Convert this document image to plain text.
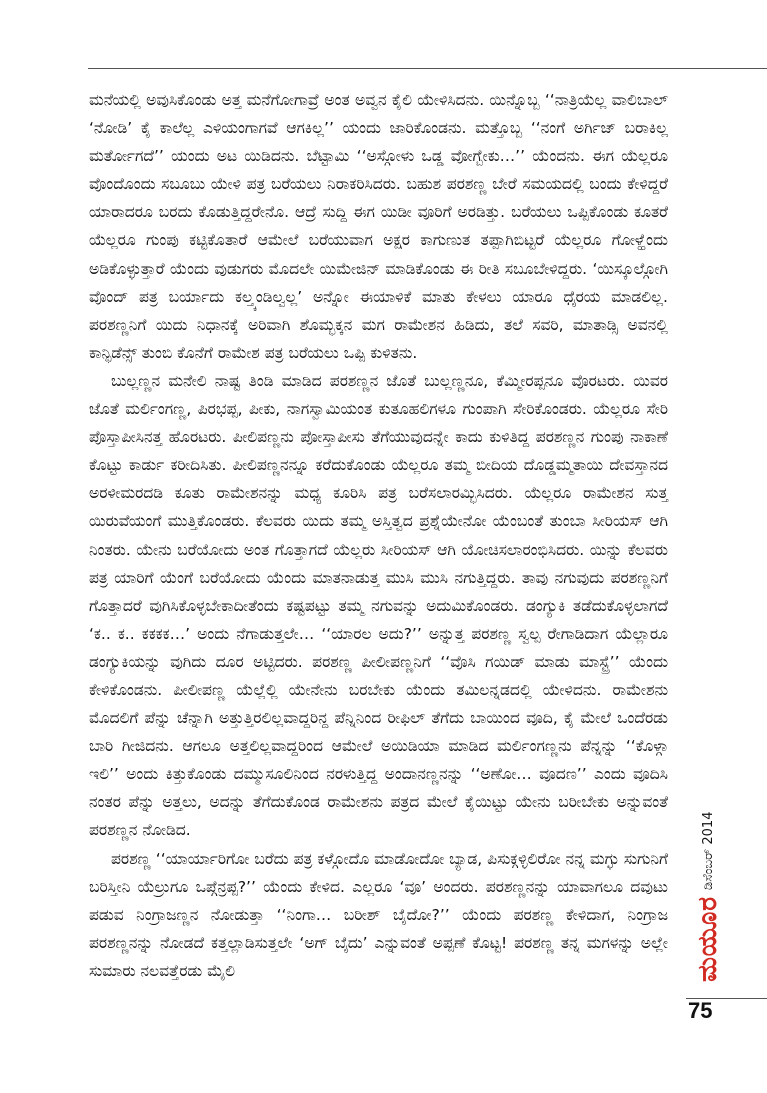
ಮನೆಯಲ್ಲಿ ಅವುಸಿಕೊಂಡು ಅತ್ತ ಮನೆಗೋಗಾವ್ರೆ ಅಂತ ಅವ್ವನ ಕೈಲಿ ಯೇಳಿಸಿದನು. ಯಿನ್ನೊಬ್ಬ ‘‘ನಾತ್ರಿಯೆಲ್ಲ ವಾಲಿಬಾಲ್ ‘ನೋಡಿ’ ಕೈ ಕಾಲೆಲ್ಲ ಎಳಿಯಂಗಾಗವೆ ಆಗಕಿಲ್ಲ’’ ಯಂದು ಜಾರಿಕೊಂಡನು. ಮತ್ತೊಬ್ಬ ‘‘ನಂಗೆ ಅರ್ಗಿಜ್ ಬರಾಕಿಲ್ಲ ಮರ್ತೋಗದೆ’’ ಯಂದು ಅಟ ಯಿಡಿದನು. ಬೆಟ್ಟಾಮಿ ‘‘ಅಸ್ಗೋಳು ಒಡ್ಡ ವೋಗ್ಬೇಕು…’’ ಯೆಂದನು. ಈಗ ಯೆಲ್ಲರೂ ವೊಂದೊಂದು ಸಬೂಬು ಯೇಳಿ ಪತ್ರ ಬರೆಯಲು ನಿರಾಕರಿಸಿದರು. ಬಹುಶ ಪರಶಣ್ಣ ಬೇರೆ ಸಮಯದಲ್ಲಿ ಬಂದು ಕೇಳಿದ್ದರೆ ಯಾರಾದರೂ ಬರದು ಕೊಡುತ್ತಿದ್ದರೇನೊ. ಆದ್ರೆ ಸುದ್ದಿ ಈಗ ಯಿಡೀ ವೂರಿಗೆ ಅರಡಿತ್ತು. ಬರೆಯಲು ಒಪ್ಪಿಕೊಂಡು ಕೂತರೆ ಯೆಲ್ಲರೂ ಗುಂಪು ಕಟ್ಟಿಕೊತಾರೆ ಆಮೇಲೆ ಬರೆಯುವಾಗ ಅಕ್ಷರ ಕಾಗುಣುತ ತಪ್ಪಾಗಿಬಿಟ್ಟರೆ ಯೆಲ್ಲರೂ ಗೋಳ್ಹೆಂದು ಅಡಿಕೊಳ್ಳುತ್ತಾರೆ ಯೆಂದು ವುಡುಗರು ಮೊದಲೇ ಯಿಮೇಜಿನ್ ಮಾಡಿಕೊಂಡು ಈ ರೀತಿ ಸಬೂಬೇಳಿದ್ದರು. ‘ಯಿಸ್ಕೂಲ್ಗೋಗಿ ವೊಂದ್ ಪತ್ರ ಬರ್ಯಾದು ಕಲ್ತ್ಕಂಡಿಲ್ವಲ್ಲ’ ಅನ್ನೋ ಈಯಾಳಿಕೆ ಮಾತು ಕೇಳಲು ಯಾರೂ ಧೈರಯ ಮಾಡಲಿಲ್ಲ. ಪರಶಣ್ಣನಿಗೆ ಯಿದು ನಿಧಾನಕ್ಕೆ ಅರಿವಾಗಿ ಶೊಮ್ಭಕ್ಕನ ಮಗ ರಾಮೇಶನ ಹಿಡಿದು, ತಲೆ ಸವರಿ, ಮಾತಾಡ್ಸಿ ಅವನಲ್ಲಿ ಕಾನ್ಫಿಡೆನ್ಸ್ ತುಂಬಿ ಕೊನೆಗೆ ರಾಮೇಶ ಪತ್ರ ಬರೆಯಲು ಒಪ್ಪಿ ಕುಳಿತನು.

ಬುಲ್ಲಣ್ಣನ ಮನೇಲಿ ನಾಷ್ಟ ತಿಂಡಿ ಮಾಡಿದ ಪರಶಣ್ಣನ ಜೊತೆ ಬುಲ್ಲಣ್ಣನೂ, ಕೆಮ್ಮೀರಪ್ಪನೂ ವೊರಟರು. ಯಿವರ ಜೊತೆ ಮರ್ಲಿಂಗಣ್ಣ, ಪಿರಭಪ್ಪ, ಪೀಕು, ನಾಗಸ್ವಾಮಿಯಂತ ಕುತೂಹಲಿಗಳೂ ಗುಂಪಾಗಿ ಸೇರಿಕೊಂಡರು. ಯೆಲ್ಲರೂ ಸೇರಿ ಪೊಸ್ತಾಪೀಸಿನತ್ತ ಹೊರಟರು. ಪೀಲಿಪಣ್ಣನು ಪೋಸ್ತಾಪೀಸು ತೆಗೆಯುವುದನ್ನೇ ಕಾದು ಕುಳಿತಿದ್ದ ಪರಶಣ್ಣನ ಗುಂಪು ನಾಕಾಣೆ ಕೊಟ್ಟು ಕಾರ್ಡು ಕರೀದಿಸಿತು. ಪೀಲಿಪಣ್ಣನನ್ನೂ ಕರೆದುಕೊಂಡು ಯೆಲ್ಲರೂ ತಮ್ಮ ಬೀದಿಯ ದೊಡ್ಡಮ್ಮತಾಯಿ ದೇವಸ್ತಾನದ ಅರಳೀಮರದಡಿ ಕೂತು ರಾಮೇಶನನ್ನು ಮಧ್ಯ ಕೂರಿಸಿ ಪತ್ರ ಬರೆಸಲಾರಮ್ಭಿಸಿದರು. ಯೆಲ್ಲರೂ ರಾಮೇಶನ ಸುತ್ತ ಯಿರುವೆಯಂಗೆ ಮುತ್ತಿಕೊಂಡರು. ಕೆಲವರು ಯಿದು ತಮ್ಮ ಅಸ್ತಿತ್ವದ ಪ್ರಶ್ನೆಯೇನೋ ಯೆಂಬಂತೆ ತುಂಬಾ ಸೀರಿಯಸ್ ಆಗಿ ನಿಂತರು. ಯೇನು ಬರೆಯೋದು ಅಂತ ಗೊತ್ತಾಗದೆ ಯೆಲ್ಲರು ಸೀರಿಯಸ್ ಆಗಿ ಯೋಚಿಸಲಾರಂಭಿಸಿದರು. ಯಿನ್ನು ಕೆಲವರು ಪತ್ರ ಯಾರಿಗೆ ಯೆಂಗೆ ಬರೆಯೋದು ಯೆಂದು ಮಾತನಾಡುತ್ತ ಮುಸಿ ಮುಸಿ ನಗುತ್ತಿದ್ದರು. ತಾವು ನಗುವುದು ಪರಶಣ್ಣನಿಗೆ ಗೊತ್ತಾದರೆ ವುಗಿಸಿಕೊಳ್ಳಬೇಕಾದೀತೆಂದು ಕಷ್ಟಪಟ್ಟು ತಮ್ಮ ನಗುವನ್ನು ಅದುಮಿಕೊಂಡರು. ಡಂಗ್ಯುಕಿ ತಡೆದುಕೊಳ್ಳಲಾಗದೆ ‘ಕ.. ಕ.. ಕಕಕಕ…’ ಅಂದು ನೆಗಾಡುತ್ತಲೇ… ‘‘ಯಾರಲ ಅದು?’’ ಅನ್ನುತ್ತ ಪರಶಣ್ಣ ಸ್ವಲ್ಪ ರೇಗಾಡಿದಾಗ ಯೆಲ್ಲಾರೂ ಡಂಗ್ಯುಕಿಯನ್ನು ವುಗಿದು ದೂರ ಅಟ್ಟಿದರು. ಪರಶಣ್ಣ ಪೀಲೀಪಣ್ಣನಿಗೆ ‘‘ವೊಸಿ ಗಯಿಡ್ ಮಾಡು ಮಾಸ್ಟ್ರೆ’’ ಯೆಂದು ಕೇಳಿಕೊಂಡನು. ಪೀಲೀಪಣ್ಣ ಯೆಲ್ಲೆಲ್ಲಿ ಯೇನೇನು ಬರಬೇಕು ಯೆಂದು ತಮಿಲನ್ನಡದಲ್ಲಿ ಯೇಳಿದನು. ರಾಮೇಶನು ಮೊದಲಿಗೆ ಪೆನ್ನು ಚೆನ್ನಾಗಿ ಅತ್ತುತ್ತಿರಲಿಲ್ಲವಾದ್ದರಿನ್ದ ಪೆನ್ನಿನಿಂದ ರೀಫಿಲ್ ತೆಗೆದು ಬಾಯಿಂದ ವೂದಿ, ಕೈ ಮೇಲೆ ಒಂದೆರಡು ಬಾರಿ ಗೀಜಿದನು. ಆಗಲೂ ಅತ್ತಲಿಲ್ಲವಾದ್ದರಿಂದ ಆಮೇಲೆ ಅಯಿಡಿಯಾ ಮಾಡಿದ ಮರ್ಲಿಂಗಣ್ಣನು ಪೆನ್ನನ್ನು ‘‘ಕೊಳ್ಗಾ ಇಲಿ’’ ಅಂದು ಕಿತ್ತುಕೊಂಡು ದಮ್ಮುಸೂಲಿನಿಂದ ನರಳುತ್ತಿದ್ದ ಅಂದಾನಣ್ಣನನ್ನು ‘‘ಅಣೋ… ವೂದಣ’’ ಎಂದು ವೂದಿಸಿ ನಂತರ ಪೆನ್ನು ಅತ್ತಲು, ಅದನ್ನು ತೆಗೆದುಕೊಂಡ ರಾಮೇಶನು ಪತ್ರದ ಮೇಲೆ ಕೈಯಿಟ್ಟು ಯೇನು ಬರೀಬೇಕು ಅನ್ನುವಂತೆ ಪರಶಣ್ಣನ ನೋಡಿದ.

ಪರಶಣ್ಣ ‘‘ಯಾರ್ಯಾರಿಗೋ ಬರೆದು ಪತ್ರ ಕಳ್ಗೋದೊ ಮಾಡೋದೋ ಬ್ಯಾಡ, ಪಿಸುಕ್ಗಳ್ಳಿಲಿರೋ ನನ್ನ ಮಗ್ಳು ಸುಗುನಿಗೆ ಬರಿಸ್ತೀನಿ ಯೆಲ್ರುಗೂ ಒಪ್ಗೆನ್ರಪ್ಪ?’’ ಯೆಂದು ಕೇಳಿದ. ಎಲ್ಲರೂ ‘ವೂ’ ಅಂದರು. ಪರಶಣ್ಣನನ್ನು ಯಾವಾಗಲೂ ದವುಟು ಪಡುವ ನಿಂಗ್ರಾಜಣ್ಣನ ನೋಡುತ್ತಾ ‘‘ನಿಂಗಾ… ಬರೀಶ್ ಬೈದೋ?’’ ಯೆಂದು ಪರಶಣ್ಣ ಕೇಳಿದಾಗ, ನಿಂಗ್ರಾಜ ಪರಶಣ್ಣನನ್ನು ನೋಡದೆ ಕತ್ತಲ್ಲಾಡಿಸುತ್ತಲೇ ‘ಅಗ್ ಬೈದು’ ಎನ್ನುವಂತೆ ಅಪ್ಪಣೆ ಕೊಟ್ಟ! ಪರಶಣ್ಣ ತನ್ನ ಮಗಳನ್ನು ಅಲ್ಲೇ ಸುಮಾರು ನಲವತ್ತೆರಡು ಮೈಲಿ

ಡಿಸೆಂಬರ್ 2014
ಮಯೂರ
75
